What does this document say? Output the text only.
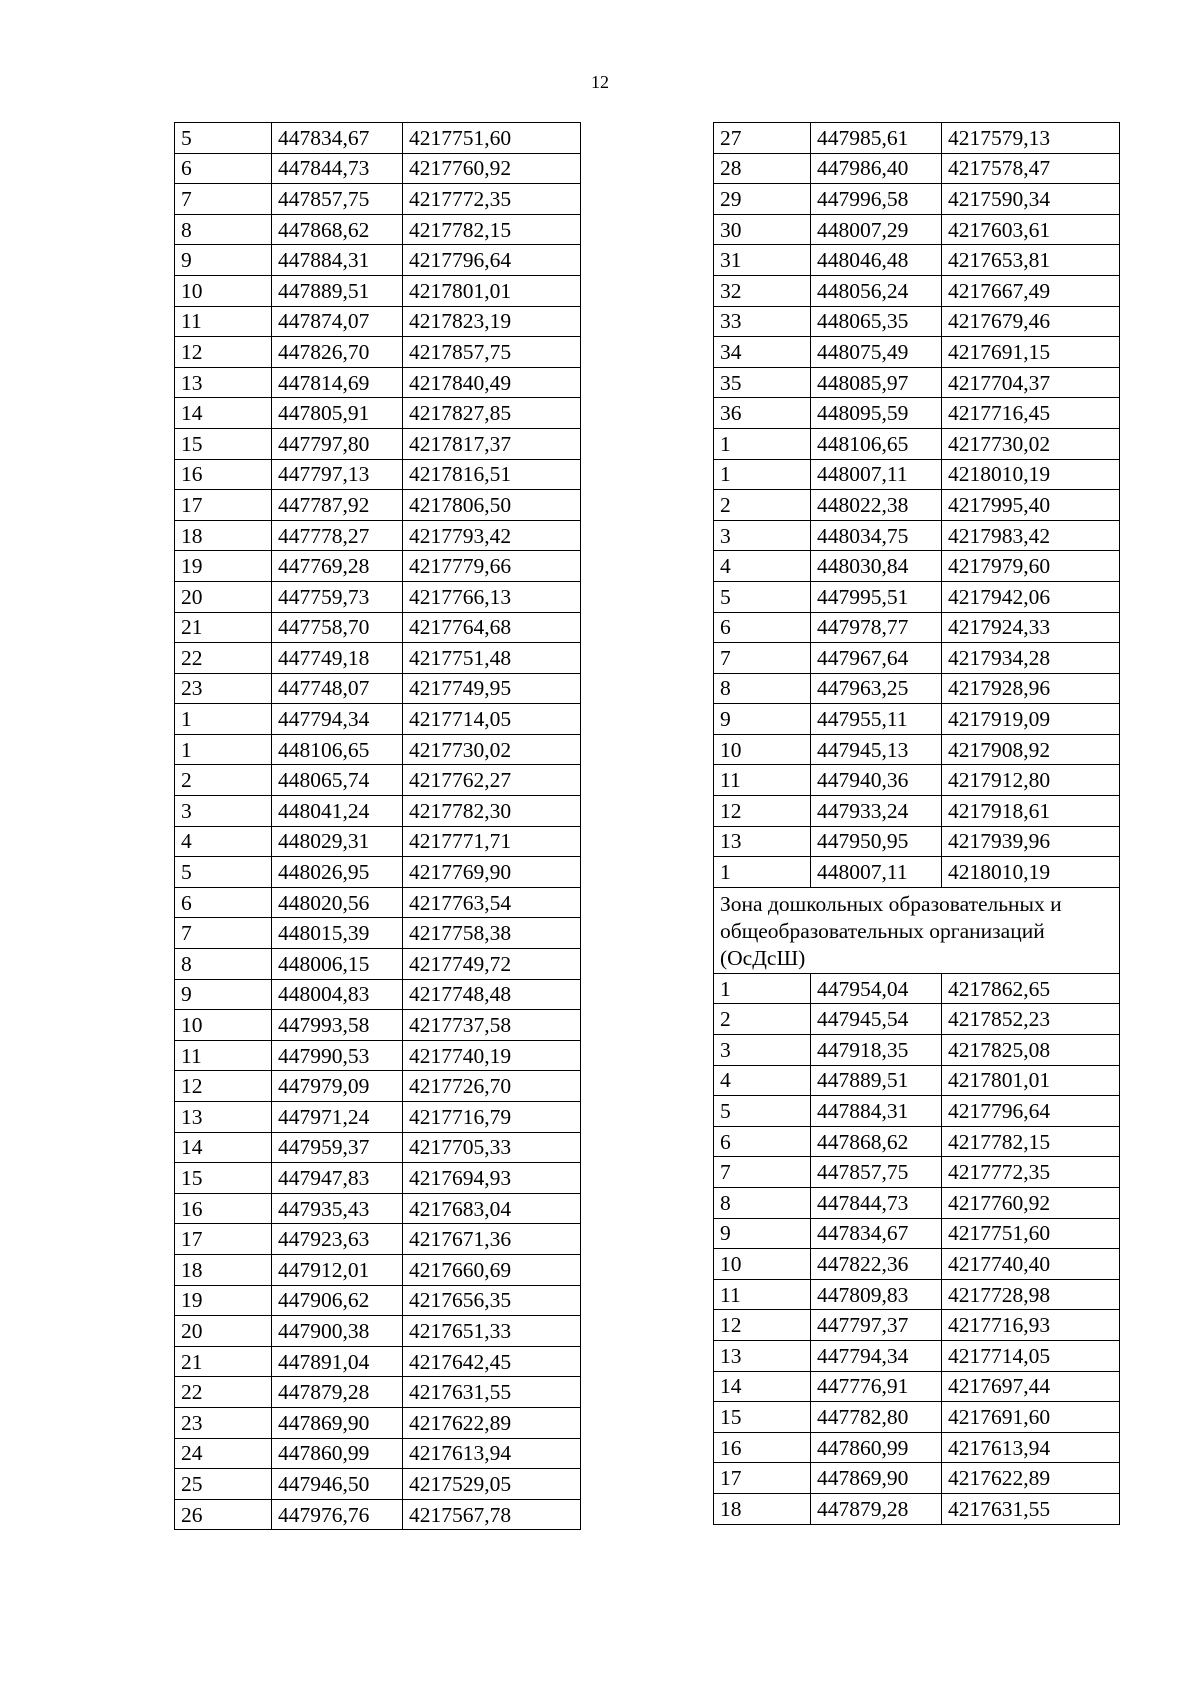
12
5	447834,67	4217751,60
6	447844,73	4217760,92
7	447857,75	4217772,35
8	447868,62	4217782,15
9	447884,31	4217796,64
10	447889,51	4217801,01
11	447874,07	4217823,19
12	447826,70	4217857,75
13	447814,69	4217840,49
14	447805,91	4217827,85
15	447797,80	4217817,37
16	447797,13	4217816,51
17	447787,92	4217806,50
18	447778,27	4217793,42
19	447769,28	4217779,66
20	447759,73	4217766,13
21	447758,70	4217764,68
22	447749,18	4217751,48
23	447748,07	4217749,95
1	447794,34	4217714,05
1	448106,65	4217730,02
2	448065,74	4217762,27
3	448041,24	4217782,30
4	448029,31	4217771,71
5	448026,95	4217769,90
6	448020,56	4217763,54
7	448015,39	4217758,38
8	448006,15	4217749,72
9	448004,83	4217748,48
10	447993,58	4217737,58
11	447990,53	4217740,19
12	447979,09	4217726,70
13	447971,24	4217716,79
14	447959,37	4217705,33
15	447947,83	4217694,93
16	447935,43	4217683,04
17	447923,63	4217671,36
18	447912,01	4217660,69
19	447906,62	4217656,35
20	447900,38	4217651,33
21	447891,04	4217642,45
22	447879,28	4217631,55
23	447869,90	4217622,89
24	447860,99	4217613,94
25	447946,50	4217529,05
26	447976,76	4217567,78
27	447985,61	4217579,13
28	447986,40	4217578,47
29	447996,58	4217590,34
30	448007,29	4217603,61
31	448046,48	4217653,81
32	448056,24	4217667,49
33	448065,35	4217679,46
34	448075,49	4217691,15
35	448085,97	4217704,37
36	448095,59	4217716,45
1	448106,65	4217730,02
1	448007,11	4218010,19
2	448022,38	4217995,40
3	448034,75	4217983,42
4	448030,84	4217979,60
5	447995,51	4217942,06
6	447978,77	4217924,33
7	447967,64	4217934,28
8	447963,25	4217928,96
9	447955,11	4217919,09
10	447945,13	4217908,92
11	447940,36	4217912,80
12	447933,24	4217918,61
13	447950,95	4217939,96
1	448007,11	4218010,19
Зона дошкольных образовательных и общеобразовательных организаций (ОсДсШ)		
1	447954,04	4217862,65
2	447945,54	4217852,23
3	447918,35	4217825,08
4	447889,51	4217801,01
5	447884,31	4217796,64
6	447868,62	4217782,15
7	447857,75	4217772,35
8	447844,73	4217760,92
9	447834,67	4217751,60
10	447822,36	4217740,40
11	447809,83	4217728,98
12	447797,37	4217716,93
13	447794,34	4217714,05
14	447776,91	4217697,44
15	447782,80	4217691,60
16	447860,99	4217613,94
17	447869,90	4217622,89
18	447879,28	4217631,55
